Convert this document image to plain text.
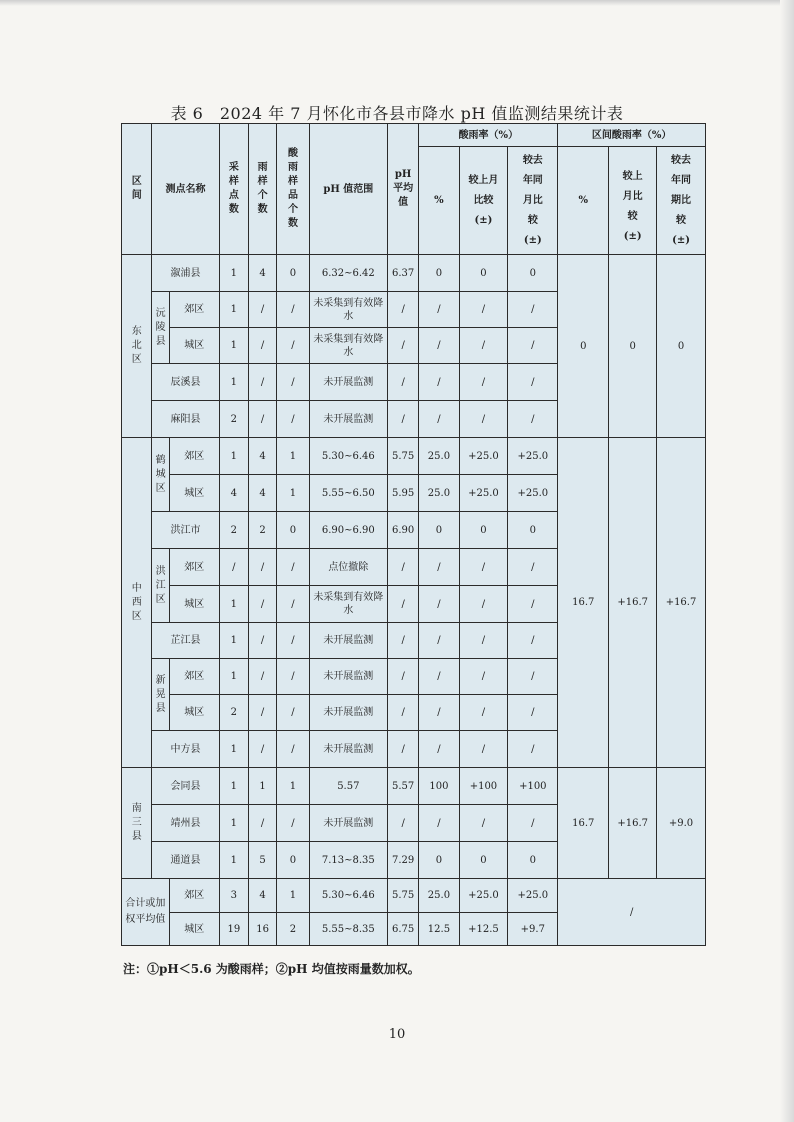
表 6　2024 年 7 月怀化市各县市降水 pH 值监测结果统计表
区间	测点名称		采样点数	雨样个数	酸雨样品个数	pH 值范围	pH平均值	酸雨率（%）			区间酸雨率（%）		
								%	较上月比较(±)	较去年同月比较(±)	%	较上月比较(±)	较去年同期比较(±)
东北区	溆浦县		1	4	0	6.32~6.42	6.37	0	0	0	0	0	0
	沅陵县	郊区	1	/	/	未采集到有效降水	/	/	/	/			
		城区	1	/	/	未采集到有效降水	/	/	/	/			
	辰溪县		1	/	/	未开展监测	/	/	/	/			
	麻阳县		2	/	/	未开展监测	/	/	/	/			
中西区	鹤城区	郊区	1	4	1	5.30~6.46	5.75	25.0	+25.0	+25.0	16.7	+16.7	+16.7
		城区	4	4	1	5.55~6.50	5.95	25.0	+25.0	+25.0			
	洪江市		2	2	0	6.90~6.90	6.90	0	0	0			
	洪江区	郊区	/	/	/	点位撤除	/	/	/	/			
		城区	1	/	/	未采集到有效降水	/	/	/	/			
	芷江县		1	/	/	未开展监测	/	/	/	/			
	新晃县	郊区	1	/	/	未开展监测	/	/	/	/			
		城区	2	/	/	未开展监测	/	/	/	/			
	中方县		1	/	/	未开展监测	/	/	/	/			
南三县	会同县		1	1	1	5.57	5.57	100	+100	+100	16.7	+16.7	+9.0
	靖州县		1	/	/	未开展监测	/	/	/	/			
	通道县		1	5	0	7.13~8.35	7.29	0	0	0			
合计或加权平均值		郊区	3	4	1	5.30~6.46	5.75	25.0	+25.0	+25.0	/		
		城区	19	16	2	5.55~8.35	6.75	12.5	+12.5	+9.7			
注：①pH＜5.6 为酸雨样；②pH 均值按雨量数加权。
10
